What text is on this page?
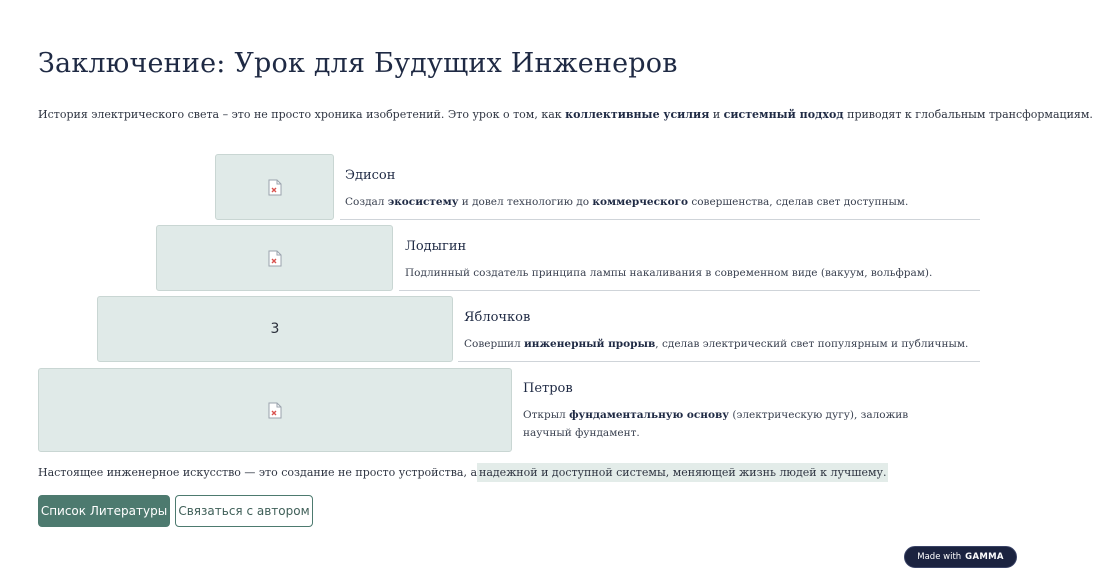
Заключение: Урок для Будущих Инженеров

История электрического света – это не просто хроника изобретений. Это урок о том, как коллективные усилия и системный подход приводят к глобальным трансформациям.

Эдисон
Создал экосистему и довел технологию до коммерческого совершенства, сделав свет доступным.
Лодыгин
Подлинный создатель принципа лампы накаливания в современном виде (вакуум, вольфрам).
3
Яблочков
Совершил инженерный прорыв, сделав электрический свет популярным и публичным.
Петров
Открыл фундаментальную основу (электрическую дугу), заложив научный фундамент.

Настоящее инженерное искусство — это создание не просто устройства, а надежной и доступной системы, меняющей жизнь людей к лучшему.

Список Литературы Связаться с автором
Made with GAMMA
